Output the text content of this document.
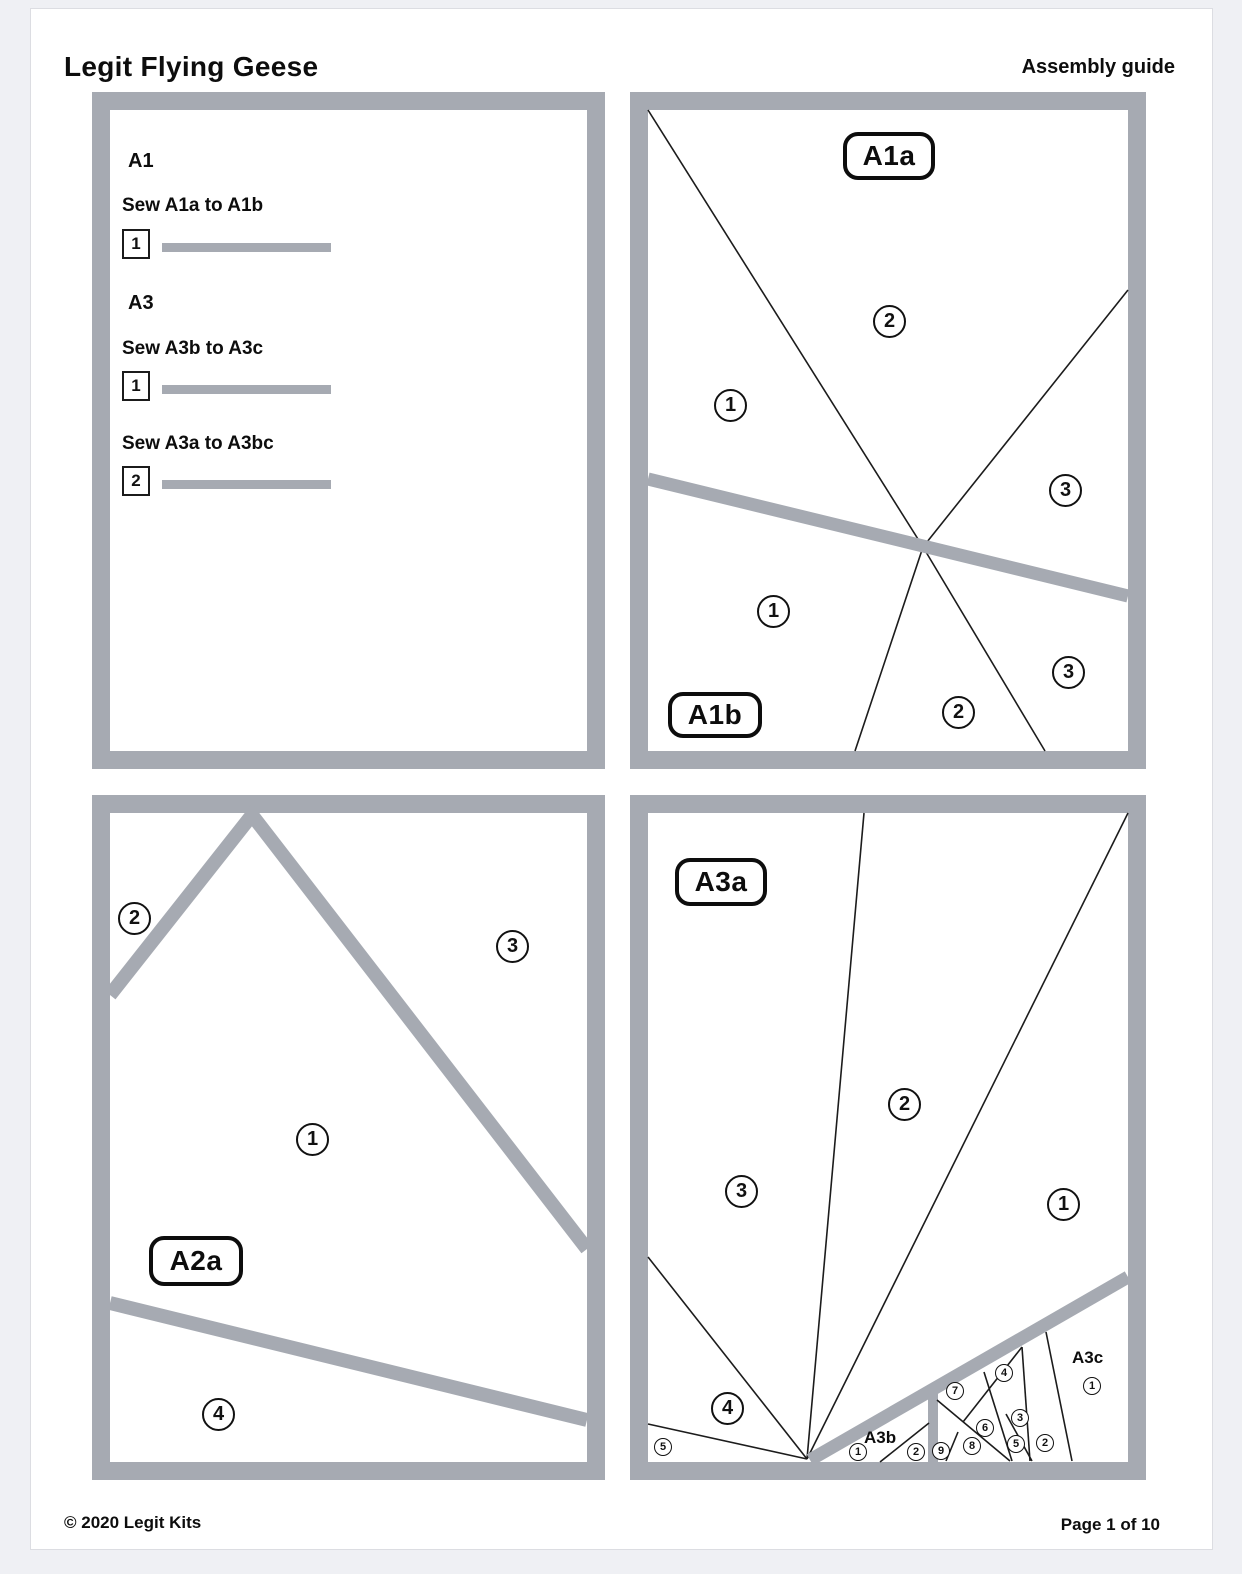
Legit Flying Geese	Assembly guide
A1
Sew A1a to A1b
1
A3
Sew A3b to A3c
1
Sew A3a to A3bc
2
A1a
A1b
2
1
3
1
2
3
A2a
2
3
1
4
A3a
2
3
1
4
A3b
A3c
5	1	2	9	8
7
6
4
3
5	2
1
© 2020 Legit Kits	Page 1 of 10
